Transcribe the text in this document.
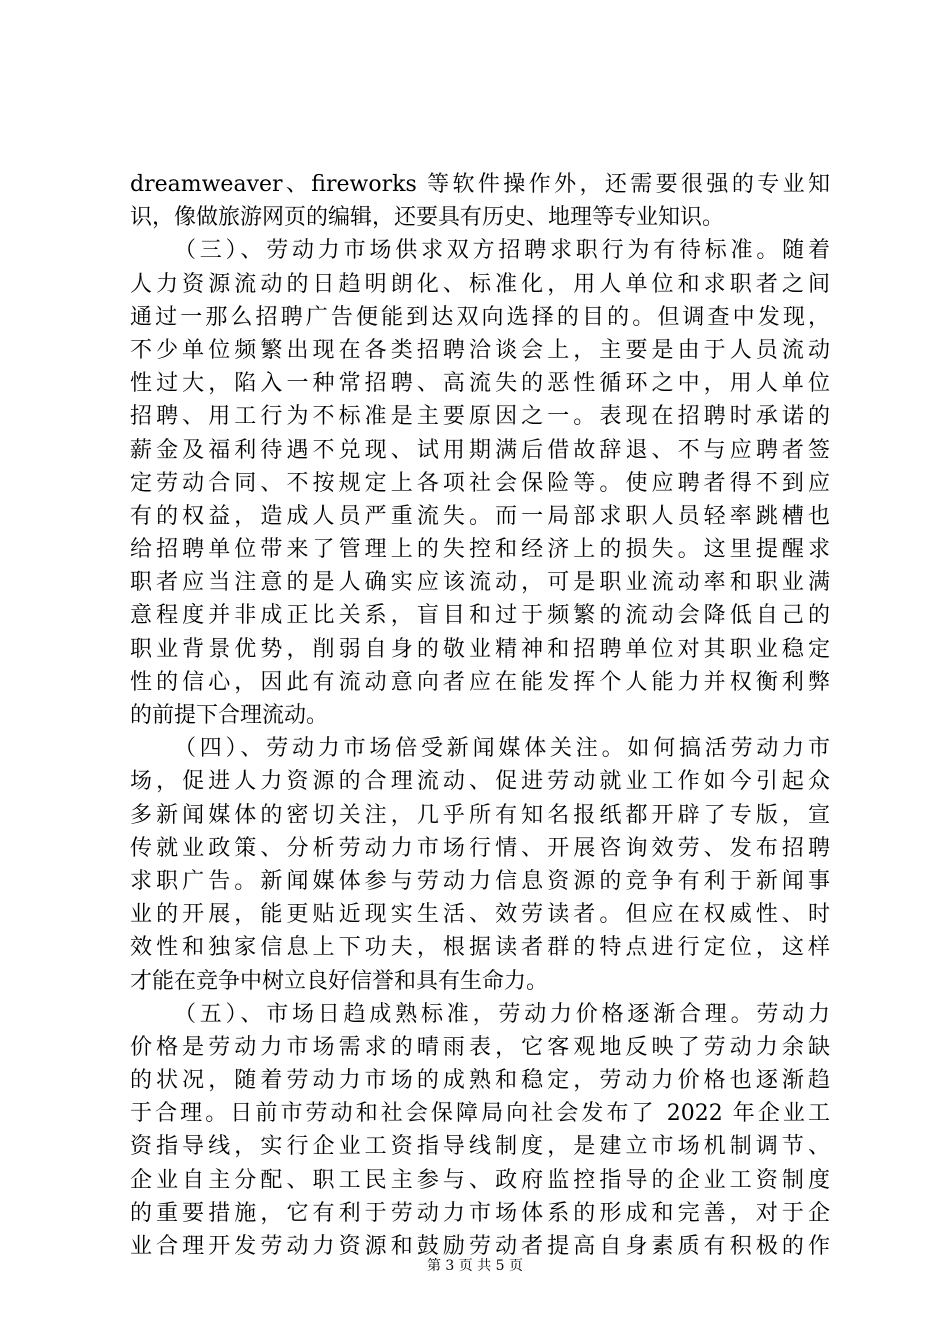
dreamweaver、fireworks 等软件操作外，还需要很强的专业知
识，像做旅游网页的编辑，还要具有历史、地理等专业知识。
（三）、劳动力市场供求双方招聘求职行为有待标准。随着
人力资源流动的日趋明朗化、标准化，用人单位和求职者之间
通过一那么招聘广告便能到达双向选择的目的。但调查中发现，
不少单位频繁出现在各类招聘洽谈会上，主要是由于人员流动
性过大，陷入一种常招聘、高流失的恶性循环之中，用人单位
招聘、用工行为不标准是主要原因之一。表现在招聘时承诺的
薪金及福利待遇不兑现、试用期满后借故辞退、不与应聘者签
定劳动合同、不按规定上各项社会保险等。使应聘者得不到应
有的权益，造成人员严重流失。而一局部求职人员轻率跳槽也
给招聘单位带来了管理上的失控和经济上的损失。这里提醒求
职者应当注意的是人确实应该流动，可是职业流动率和职业满
意程度并非成正比关系，盲目和过于频繁的流动会降低自己的
职业背景优势，削弱自身的敬业精神和招聘单位对其职业稳定
性的信心，因此有流动意向者应在能发挥个人能力并权衡利弊
的前提下合理流动。
（四）、劳动力市场倍受新闻媒体关注。如何搞活劳动力市
场，促进人力资源的合理流动、促进劳动就业工作如今引起众
多新闻媒体的密切关注，几乎所有知名报纸都开辟了专版，宣
传就业政策、分析劳动力市场行情、开展咨询效劳、发布招聘
求职广告。新闻媒体参与劳动力信息资源的竞争有利于新闻事
业的开展，能更贴近现实生活、效劳读者。但应在权威性、时
效性和独家信息上下功夫，根据读者群的特点进行定位，这样
才能在竞争中树立良好信誉和具有生命力。
（五）、市场日趋成熟标准，劳动力价格逐渐合理。劳动力
价格是劳动力市场需求的晴雨表，它客观地反映了劳动力余缺
的状况，随着劳动力市场的成熟和稳定，劳动力价格也逐渐趋
于合理。日前市劳动和社会保障局向社会发布了 2022 年企业工
资指导线，实行企业工资指导线制度，是建立市场机制调节、
企业自主分配、职工民主参与、政府监控指导的企业工资制度
的重要措施，它有利于劳动力市场体系的形成和完善，对于企
业合理开发劳动力资源和鼓励劳动者提高自身素质有积极的作
第 3 页 共 5 页
